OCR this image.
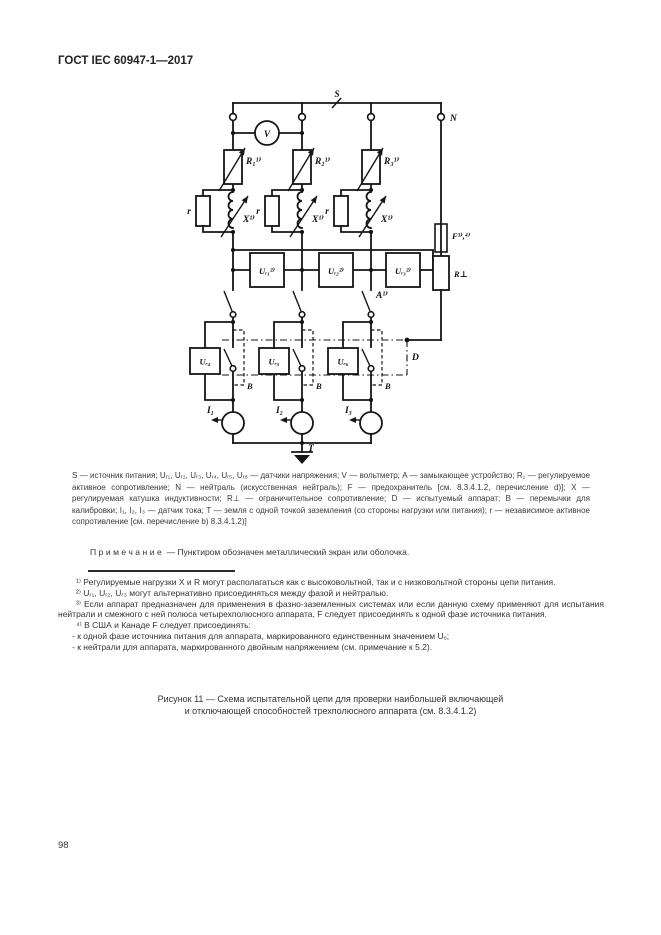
ГОСТ IEC 60947-1—2017
S
N
V
R₁¹⁾
r
X¹⁾
B
Uᵣ₄
I₁
R₂¹⁾
r
X¹⁾
B
Uᵣ₅
I₂
R₃¹⁾
r
X¹⁾
A¹⁾
B
Uᵣ₆
I₃
Uᵣ₁²⁾	Uᵣ₂²⁾	Uᵣ₃²⁾
F³⁾,⁴⁾
R⊥
D
T
S — источник питания; Uᵣ₁, Uᵣ₂, Uᵣ₃, Uᵣ₄, Uᵣ₅, Uᵣ₆ — датчики напряжения; V — вольтметр; A — замыкающее устройство; R₁ — регулируемое активное сопротивление; N — нейтраль (искусственная нейтраль); F — предохранитель [см. 8.3.4.1.2, перечисление d)]; X — регулируемая катушка индуктивности; R⊥ — ограничительное сопротивление; D — испытуемый аппарат; B — перемычки для калибровки; I₁, I₂, I₃ — датчик тока; T — земля с одной точкой заземления (со стороны нагрузки или питания); r — независимое активное сопротивление [см. перечисление b) 8.3.4.1.2)]
Примечание — Пунктиром обозначен металлический экран или оболочка.

¹⁾ Регулируемые нагрузки X и R могут располагаться как с высоковольтной, так и с низковольтной стороны цепи питания.

²⁾ Uᵣ₁, Uᵣ₂, Uᵣ₃ могут альтернативно присоединяться между фазой и нейтралью.

³⁾ Если аппарат предназначен для применения в фазно-заземленных системах или если данную схему применяют для испытания нейтрали и смежного с ней полюса четырехполюсного аппарата, F следует присоединять к одной фазе источника питания.

⁴⁾ В США и Канаде F следует присоединять:

- к одной фазе источника питания для аппарата, маркированного единственным значением Uₑ;

- к нейтрали для аппарата, маркированного двойным напряжением (см. примечание к 5.2).

Рисунок 11 — Схема испытательной цепи для проверки наибольшей включающей
и отключающей способностей трехполюсного аппарата (см. 8.3.4.1.2)
98
